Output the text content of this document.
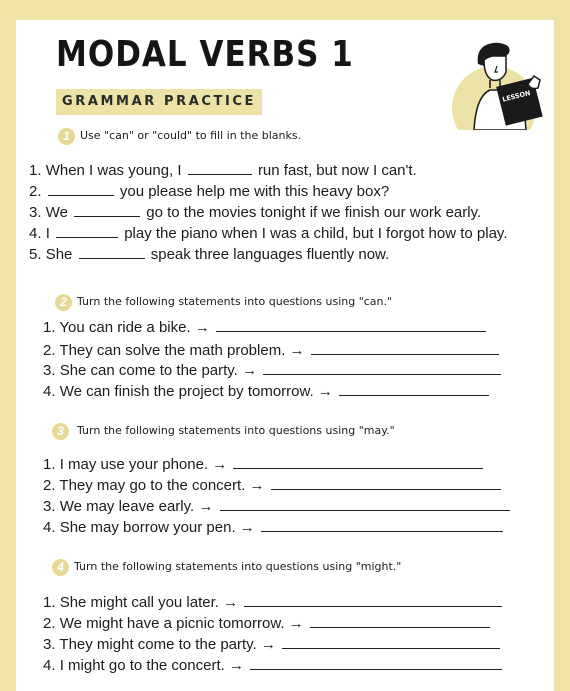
MODAL VERBS 1
GRAMMAR PRACTICE	LESSON
1 Use "can" or "could" to fill in the blanks.
1. When I was young, I	run fast, but now I can't.
2.	you please help me with this heavy box?
3. We	go to the movies tonight if we finish our work early.
4. I	play the piano when I was a child, but I forgot how to play.
5. She	speak three languages fluently now.
2 Turn the following statements into questions using "can."
1. You can ride a bike. →
2. They can solve the math problem. →
3. She can come to the party. →
4. We can finish the project by tomorrow. →
3	Turn the following statements into questions using "may."
1. I may use your phone. →
2. They may go to the concert. →
3. We may leave early. →
4. She may borrow your pen. →
4 Turn the following statements into questions using "might."
1. She might call you later. →
2. We might have a picnic tomorrow. →
3. They might come to the party. →
4. I might go to the concert. →
